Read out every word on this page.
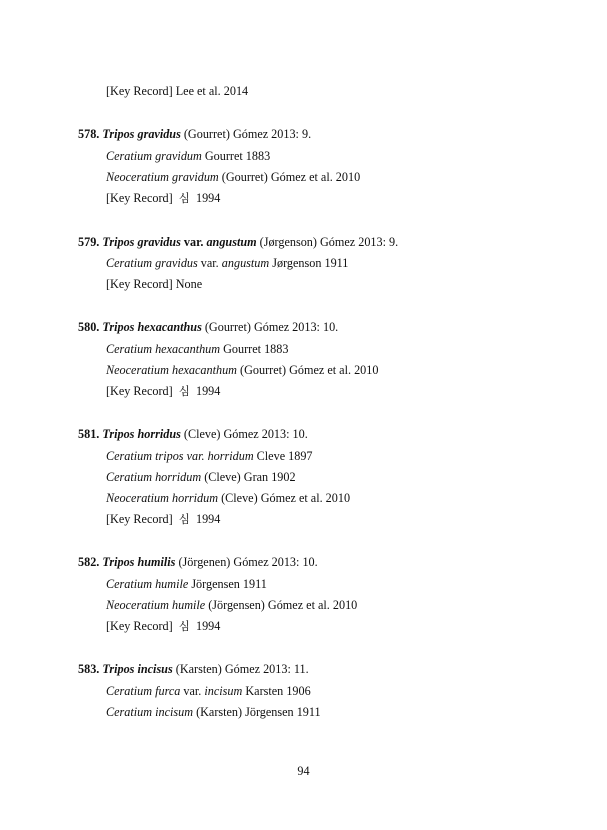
[Key Record] Lee et al. 2014
578. Tripos gravidus (Gourret) Gómez 2013: 9.
Ceratium gravidum Gourret 1883
Neoceratium gravidum (Gourret) Gómez et al. 2010
[Key Record] 심 1994
579. Tripos gravidus var. angustum (Jørgenson) Gómez 2013: 9.
Ceratium gravidus var. angustum Jørgenson 1911
[Key Record] None
580. Tripos hexacanthus (Gourret) Gómez 2013: 10.
Ceratium hexacanthum Gourret 1883
Neoceratium hexacanthum (Gourret) Gómez et al. 2010
[Key Record] 심 1994
581. Tripos horridus (Cleve) Gómez 2013: 10.
Ceratium tripos var. horridum Cleve 1897
Ceratium horridum (Cleve) Gran 1902
Neoceratium horridum (Cleve) Gómez et al. 2010
[Key Record] 심 1994
582. Tripos humilis (Jörgenen) Gómez 2013: 10.
Ceratium humile Jörgensen 1911
Neoceratium humile (Jörgensen) Gómez et al. 2010
[Key Record] 심 1994
583. Tripos incisus (Karsten) Gómez 2013: 11.
Ceratium furca var. incisum Karsten 1906
Ceratium incisum (Karsten) Jörgensen 1911
94
